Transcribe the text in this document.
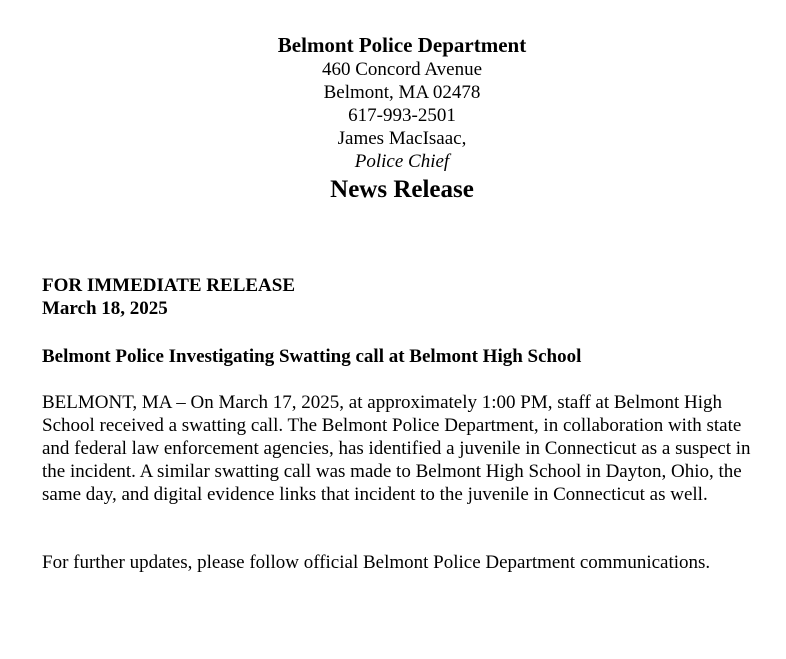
Belmont Police Department
460 Concord Avenue
Belmont, MA 02478
617-993-2501
James MacIsaac,
Police Chief
News Release
FOR IMMEDIATE RELEASE
March 18, 2025
Belmont Police Investigating Swatting call at Belmont High School

BELMONT, MA – On March 17, 2025, at approximately 1:00 PM, staff at Belmont High School received a swatting call. The Belmont Police Department, in collaboration with state and federal law enforcement agencies, has identified a juvenile in Connecticut as a suspect in the incident. A similar swatting call was made to Belmont High School in Dayton, Ohio, the same day, and digital evidence links that incident to the juvenile in Connecticut as well.

For further updates, please follow official Belmont Police Department communications.
